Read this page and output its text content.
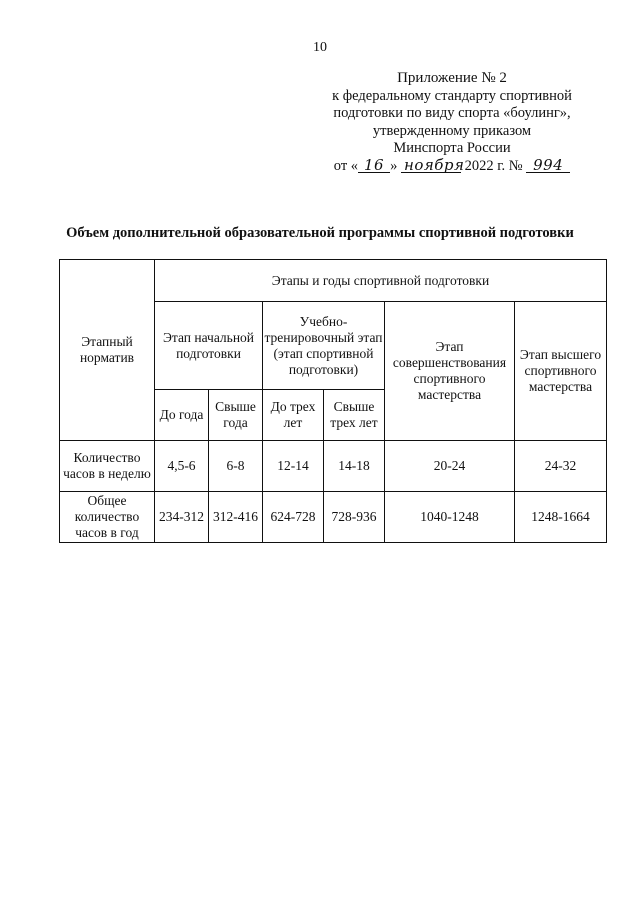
10
Приложение № 2
к федеральному стандарту спортивной
подготовки по виду спорта «боулинг»,
утвержденному приказом
Минспорта России
от « 16 » ноября 2022 г. № 994
Объем дополнительной образовательной программы спортивной подготовки
Этапный норматив	Этапы и годы спортивной подготовки					
	Этап начальной подготовки		Учебно-тренировочный этап (этап спортивной подготовки)		Этап совершенствования спортивного мастерства	Этап высшего спортивного мастерства
	До года	Свыше года	До трех лет	Свыше трех лет		
Количество часов в неделю	4,5-6	6-8	12-14	14-18	20-24	24-32
Общее количество часов в год	234-312	312-416	624-728	728-936	1040-1248	1248-1664
